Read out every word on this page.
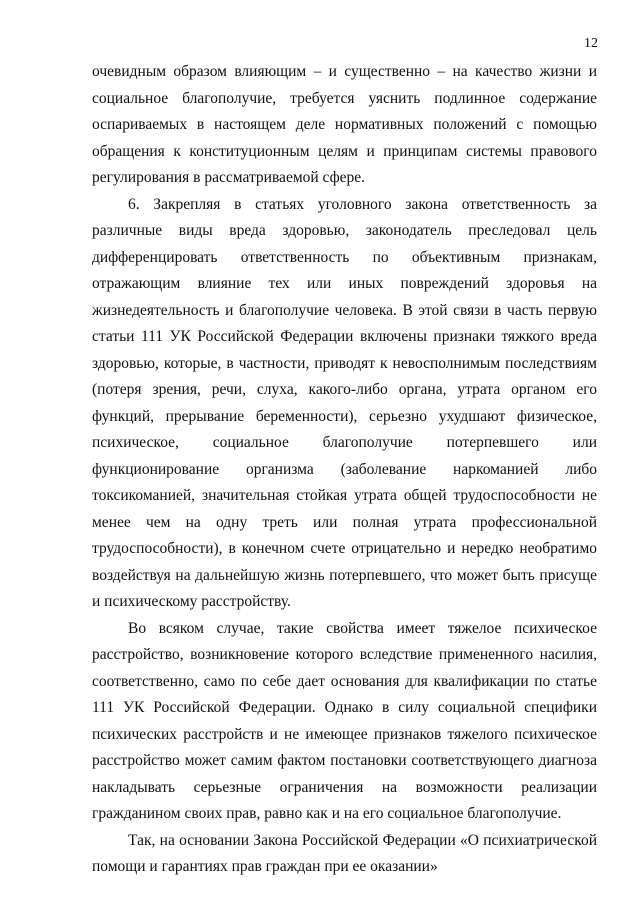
12

очевидным образом влияющим – и существенно – на качество жизни и социальное благополучие, требуется уяснить подлинное содержание оспариваемых в настоящем деле нормативных положений с помощью обращения к конституционным целям и принципам системы правового регулирования в рассматриваемой сфере.

6. Закрепляя в статьях уголовного закона ответственность за различные виды вреда здоровью, законодатель преследовал цель дифференцировать ответственность по объективным признакам, отражающим влияние тех или иных повреждений здоровья на жизнедеятельность и благополучие человека. В этой связи в часть первую статьи 111 УК Российской Федерации включены признаки тяжкого вреда здоровью, которые, в частности, приводят к невосполнимым последствиям (потеря зрения, речи, слуха, какого-либо органа, утрата органом его функций, прерывание беременности), серьезно ухудшают физическое, психическое, социальное благополучие потерпевшего или функционирование организма (заболевание наркоманией либо токсикоманией, значительная стойкая утрата общей трудоспособности не менее чем на одну треть или полная утрата профессиональной трудоспособности), в конечном счете отрицательно и нередко необратимо воздействуя на дальнейшую жизнь потерпевшего, что может быть присуще и психическому расстройству.

Во всяком случае, такие свойства имеет тяжелое психическое расстройство, возникновение которого вследствие примененного насилия, соответственно, само по себе дает основания для квалификации по статье 111 УК Российской Федерации. Однако в силу социальной специфики психических расстройств и не имеющее признаков тяжелого психическое расстройство может самим фактом постановки соответствующего диагноза накладывать серьезные ограничения на возможности реализации гражданином своих прав, равно как и на его социальное благополучие.

Так, на основании Закона Российской Федерации «О психиатрической помощи и гарантиях прав граждан при ее оказании»
